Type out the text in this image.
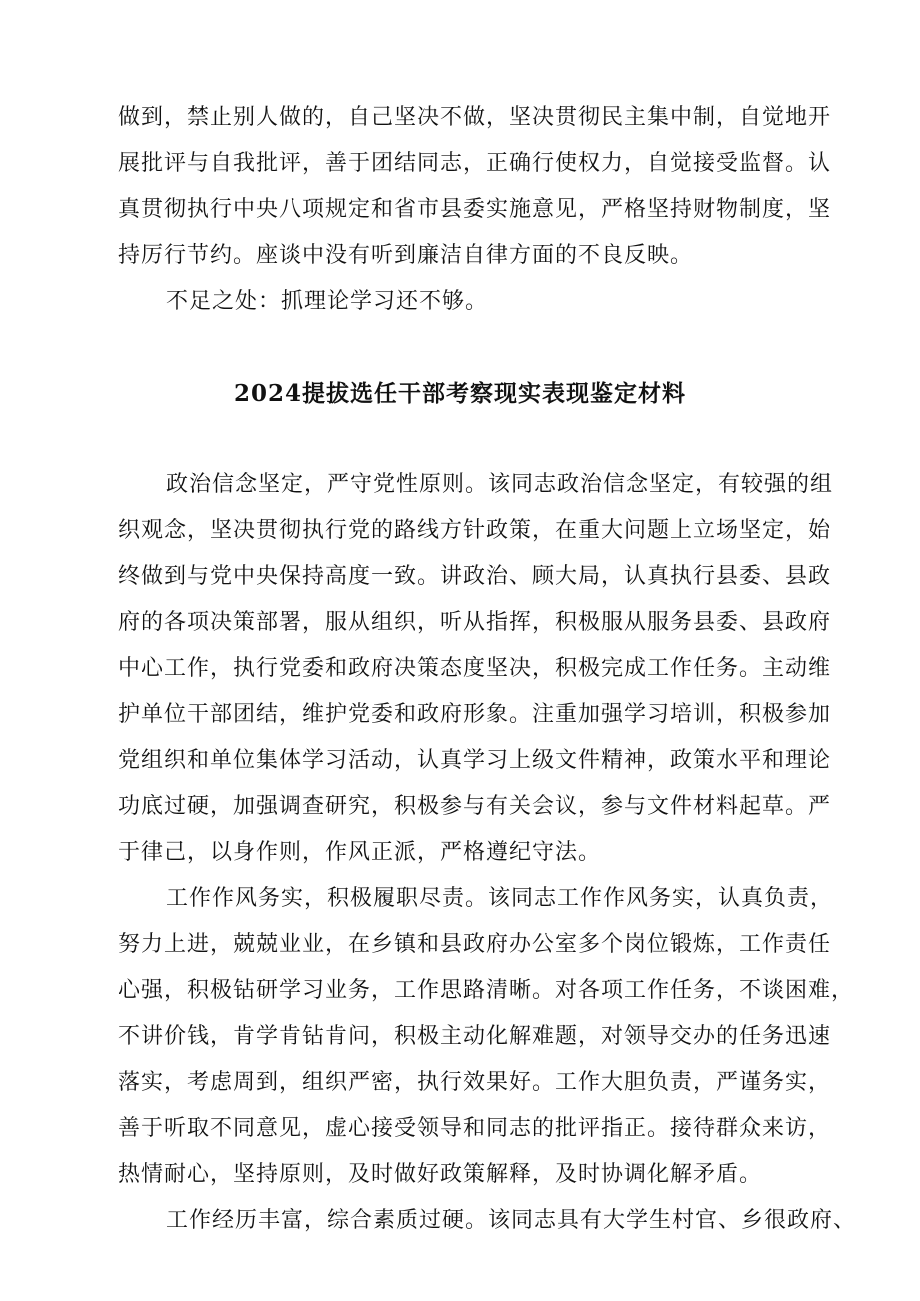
做到，禁止别人做的，自己坚决不做，坚决贯彻民主集中制，自觉地开
展批评与自我批评，善于团结同志，正确行使权力，自觉接受监督。认
真贯彻执行中央八项规定和省市县委实施意见，严格坚持财物制度，坚
持厉行节约。座谈中没有听到廉洁自律方面的不良反映。
不足之处：抓理论学习还不够。
2024提拔选任干部考察现实表现鉴定材料
政治信念坚定，严守党性原则。该同志政治信念坚定，有较强的组
织观念，坚决贯彻执行党的路线方针政策，在重大问题上立场坚定，始
终做到与党中央保持高度一致。讲政治、顾大局，认真执行县委、县政
府的各项决策部署，服从组织，听从指挥，积极服从服务县委、县政府
中心工作，执行党委和政府决策态度坚决，积极完成工作任务。主动维
护单位干部团结，维护党委和政府形象。注重加强学习培训，积极参加
党组织和单位集体学习活动，认真学习上级文件精神，政策水平和理论
功底过硬，加强调查研究，积极参与有关会议，参与文件材料起草。严
于律己，以身作则，作风正派，严格遵纪守法。
工作作风务实，积极履职尽责。该同志工作作风务实，认真负责，
努力上进，兢兢业业，在乡镇和县政府办公室多个岗位锻炼，工作责任
心强，积极钻研学习业务，工作思路清晰。对各项工作任务，不谈困难，
不讲价钱，肯学肯钻肯问，积极主动化解难题，对领导交办的任务迅速
落实，考虑周到，组织严密，执行效果好。工作大胆负责，严谨务实，
善于听取不同意见，虚心接受领导和同志的批评指正。接待群众来访，
热情耐心，坚持原则，及时做好政策解释，及时协调化解矛盾。
工作经历丰富，综合素质过硬。该同志具有大学生村官、乡很政府、
